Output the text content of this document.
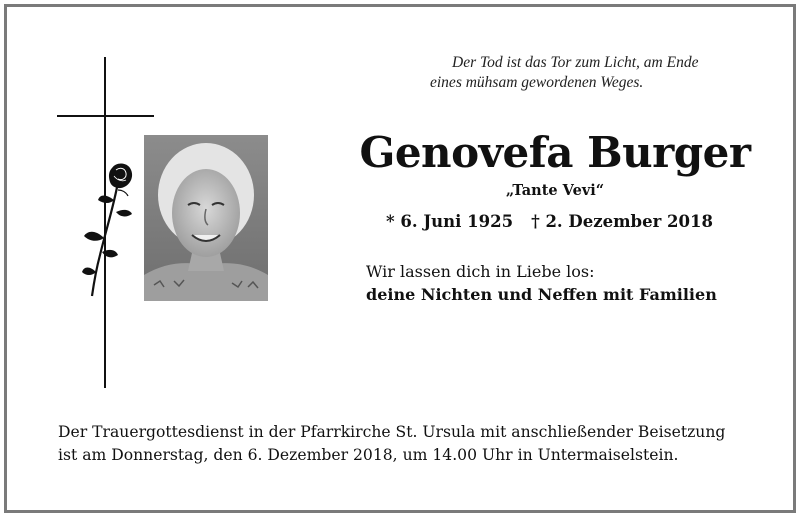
Der Tod ist das Tor zum Licht, am Ende
eines mühsam gewordenen Weges.
Genovefa Burger
„Tante Vevi“
* 6. Juni 1925 † 2. Dezember 2018
Wir lassen dich in Liebe los:
deine Nichten und Neffen mit Familien
Der Trauergottesdienst in der Pfarrkirche St. Ursula mit anschließender Beisetzung
ist am Donnerstag, den 6. Dezember 2018, um 14.00 Uhr in Untermaiselstein.
